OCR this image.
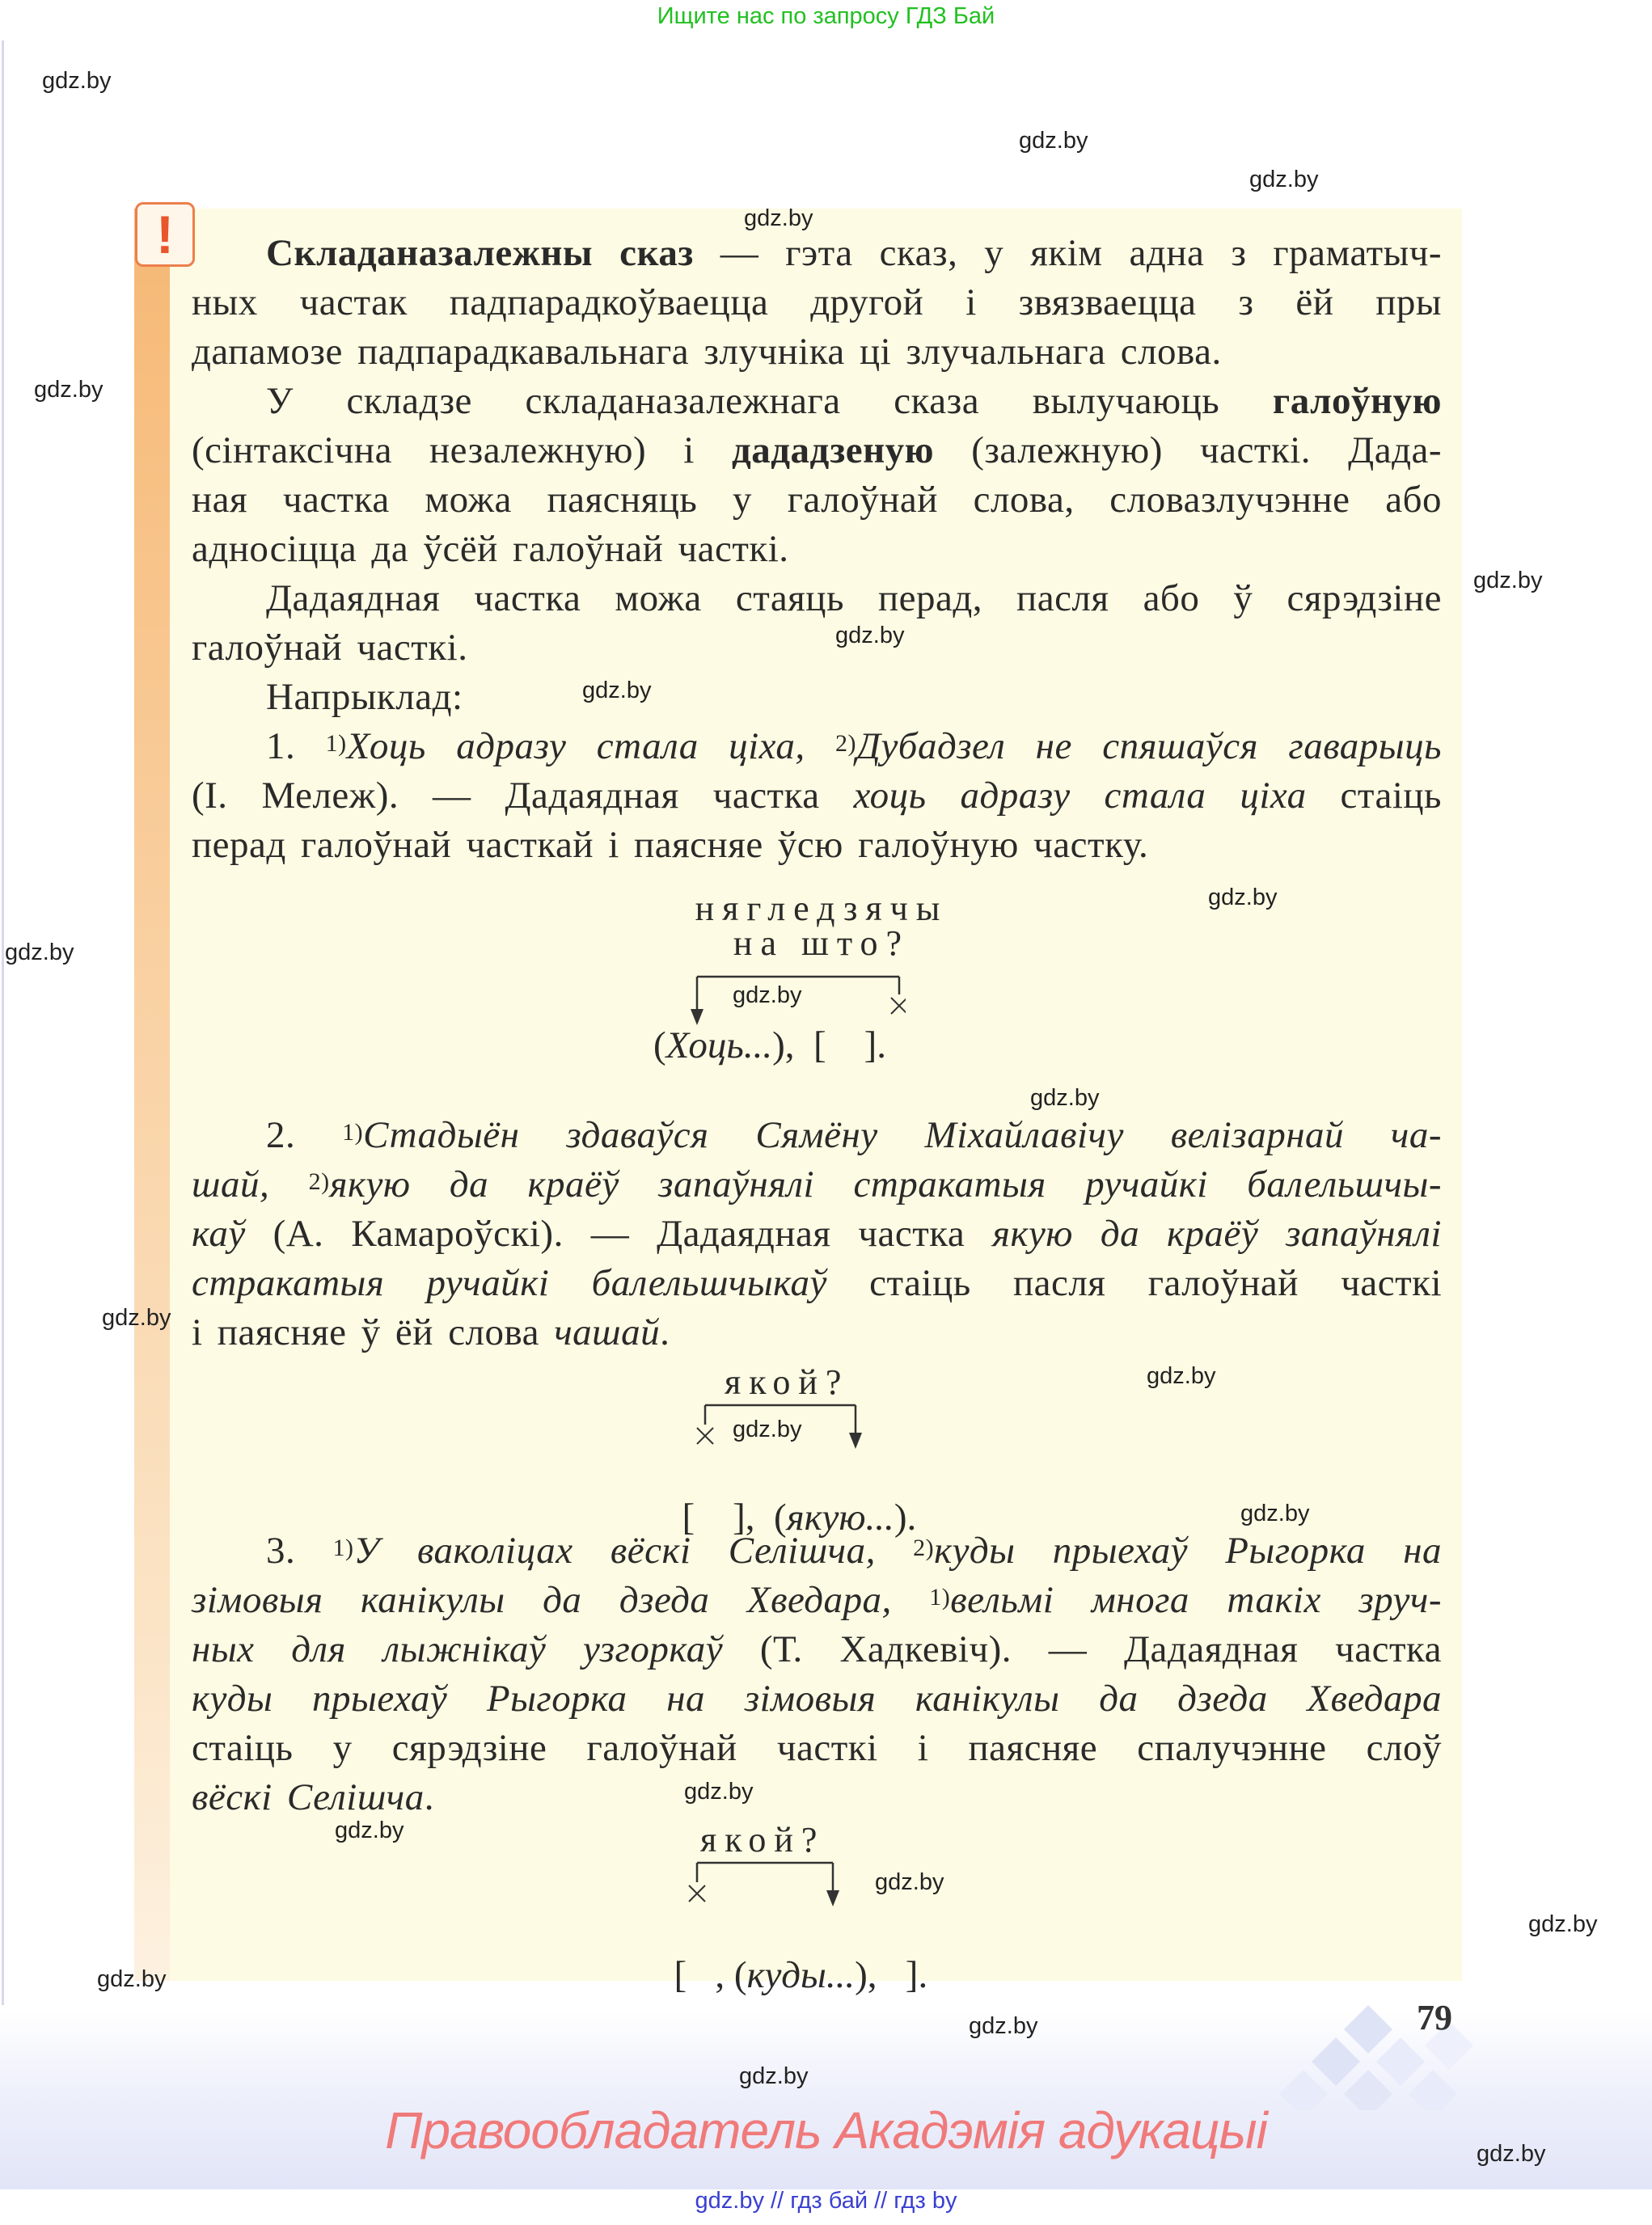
Ищите нас по запросу ГДЗ Бай
!	Складаназалежны сказ — гэта сказ, у якім адна з граматыч-

ных частак падпарадкоўваецца другой і звязваецца з ёй пры
дапамозе падпарадкавальнага злучніка ці злучальнага слова.

У складзе складаназалежнага сказа вылучаюць галоўную

(сінтаксічна незалежную) і дададзеную (залежную) часткі. Дада-
ная частка можа паясняць у галоўнай слова, словазлучэнне або
адносіцца да ўсёй галоўнай часткі.

Дадаядная частка можа стаяць перад, пасля або ў сярэдзіне

галоўнай часткі.

Напрыклад:

1. $^{1)}$Хоць адразу стала ціха, $^{2)}$Дубадзел не спяшаўся гаварыць

(І. Мележ). — Дадаядная частка хоць адразу стала ціха стаіць
перад галоўнай часткай і паясняе ўсю галоўную частку.
нягледзячы
на што?
(Хоць...),  [    ].

2. $^{1)}$Стадыён здаваўся Сямёну Міхайлавічу велізарнай ча-

шай, $^{2)}$якую да краёў запаўнялі стракатыя ручайкі балельшчы-
каў (А. Камароўскі). — Дадаядная частка якую да краёў запаўнялі
стракатыя ручайкі балельшчыкаў стаіць пасля галоўнай часткі
і паясняе ў ёй слова чашай.
якой?

[    ],  (якую...).

3. $^{1)}$У ваколіцах вёскі Селішча, $^{2)}$куды прыехаў Рыгорка на

зімовыя канікулы да дзеда Хведара, $^{1)}$вельмі многа такіх зруч-
ных для лыжнікаў узгоркаў (Т. Хадкевіч). — Дадаядная частка
куды прыехаў Рыгорка на зімовыя канікулы да дзеда Хведара
стаіць у сярэдзіне галоўнай часткі і паясняе спалучэнне слоў
вёскі Селішча.
якой?

[   , (куды...),   ].

79
Правообладатель Акадэмія адукацыі
gdz.by // гдз бай // гдз by
gdz.by
gdz.by
gdz.by
gdz.by
gdz.by
gdz.by
gdz.by
gdz.by
gdz.by
gdz.by
gdz.by
gdz.by
gdz.by
gdz.by
gdz.by
gdz.by
gdz.by
gdz.by
gdz.by
gdz.by
gdz.by
gdz.by
gdz.by
gdz.by
